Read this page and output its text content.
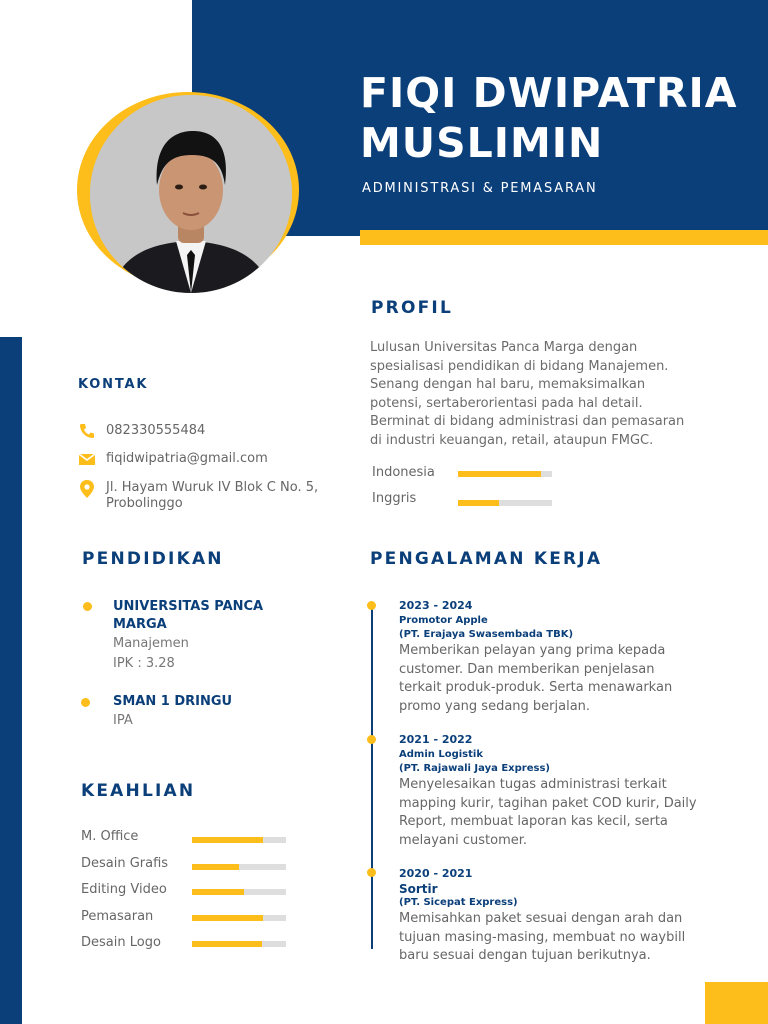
FIQI DWIPATRIA MUSLIMIN
ADMINISTRASI & PEMASARAN
PROFIL
Lulusan Universitas Panca Marga dengan spesialisasi pendidikan di bidang Manajemen. Senang dengan hal baru, memaksimalkan potensi, sertaberorientasi pada hal detail. Berminat di bidang administrasi dan pemasaran di industri keuangan, retail, ataupun FMGC.
Indonesia
Inggris
KONTAK
082330555484
fiqidwipatria@gmail.com
Jl. Hayam Wuruk IV Blok C No. 5,
Probolinggo
PENDIDIKAN
UNIVERSITAS PANCA MARGA
Manajemen
IPK : 3.28
SMAN 1 DRINGU
IPA
KEAHLIAN
M. Office
Desain Grafis
Editing Video
Pemasaran
Desain Logo
PENGALAMAN KERJA
2023 - 2024
Promotor Apple
(PT. Erajaya Swasembada TBK)
Memberikan pelayan yang prima kepada customer. Dan memberikan penjelasan terkait produk-produk. Serta menawarkan promo yang sedang berjalan.
2021 - 2022
Admin Logistik
(PT. Rajawali Jaya Express)
Menyelesaikan tugas administrasi terkait mapping kurir, tagihan paket COD kurir, Daily Report, membuat laporan kas kecil, serta melayani customer.
2020 - 2021
Sortir
(PT. Sicepat Express)
Memisahkan paket sesuai dengan arah dan tujuan masing-masing, membuat no waybill baru sesuai dengan tujuan berikutnya.
